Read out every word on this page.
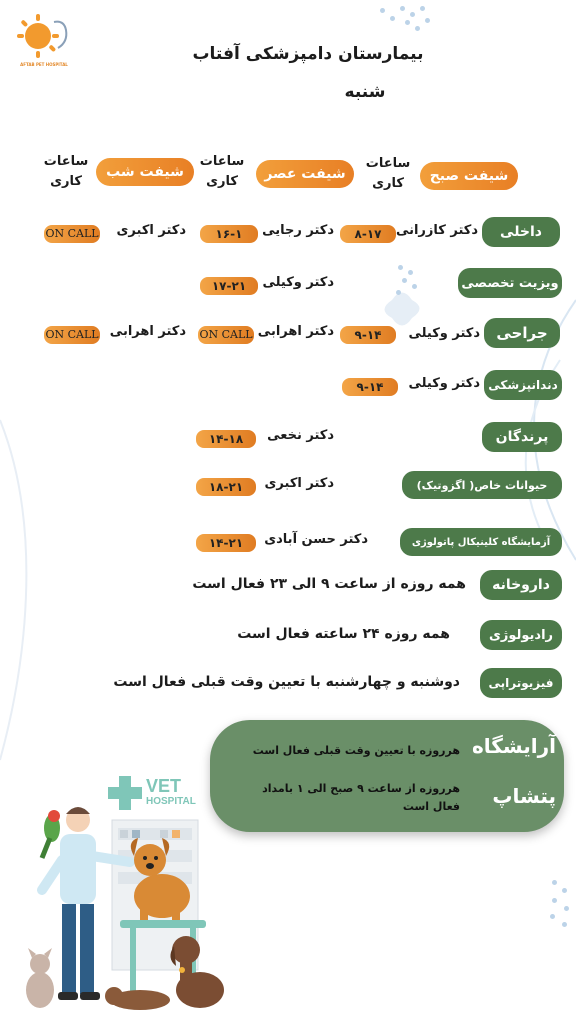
AFTAB PET HOSPITAL
بیمارستان دامپزشکی آفتاب
شنبه
شیفت صبح
ساعات
کاری
شیفت عصر
ساعات
کاری
شیفت شب
ساعات
کاری
داخلی
دکتر کازرانی
۸-۱۷
دکتر رجایی
۱۶-۱
دکتر اکبری
ON CALL
ویزیت تخصصی
دکتر وکیلی
۱۷-۲۱
جراحی
دکتر وکیلی
۹-۱۴
دکتر اهرابی
ON CALL
دکتر اهرابی
ON CALL
دندانپزشکی
دکتر وکیلی
۹-۱۴
پرندگان
دکتر نخعی
۱۴-۱۸
حیوانات خاص( اگزوتیک)
دکتر اکبری
۱۸-۲۱
آزمایشگاه کلینیکال پاتولوژی
دکتر حسن آبادی
۱۴-۲۱
داروخانه
همه روزه از ساعت ۹ الی ۲۳ فعال است
رادیولوژی
همه روزه ۲۴ ساعته فعال است
فیزیوتراپی
دوشنبه و چهارشنبه با تعیین وقت قبلی فعال است
آرایشگاه
هرروزه با تعیین وقت قبلی فعال است
پتشاپ
هرروزه از ساعت ۹ صبح الی ۱ بامداد
فعال است
VET
HOSPITAL
